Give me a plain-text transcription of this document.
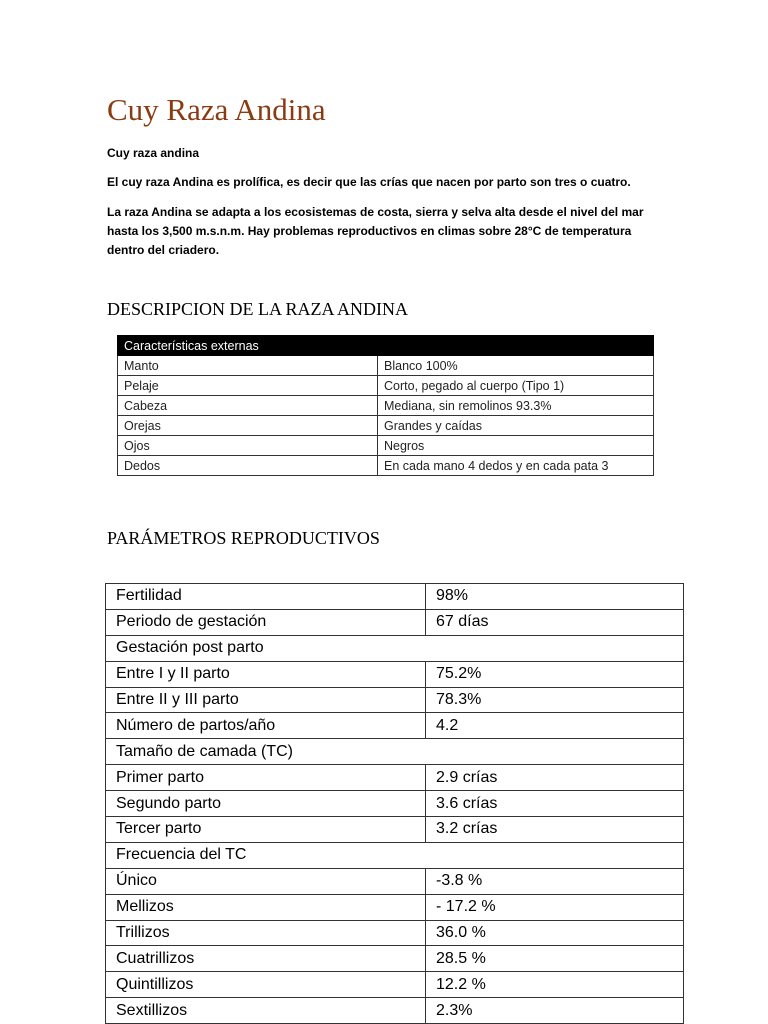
Cuy Raza Andina
Cuy raza andina
El cuy raza Andina es prolífica, es decir que las crías que nacen por parto son tres o cuatro.
La raza Andina se adapta a los ecosistemas de costa, sierra y selva alta desde el nivel del mar hasta los 3,500 m.s.n.m. Hay problemas reproductivos en climas sobre 28°C de temperatura dentro del criadero.
DESCRIPCION DE LA RAZA ANDINA
Características externas	
Manto	Blanco 100%
Pelaje	Corto, pegado al cuerpo (Tipo 1)
Cabeza	Mediana, sin remolinos 93.3%
Orejas	Grandes y caídas
Ojos	Negros
Dedos	En cada mano 4 dedos y en cada pata 3
PARÁMETROS REPRODUCTIVOS
Fertilidad	98%
Periodo de gestación	67 días
Gestación post parto	
Entre I y II parto	75.2%
Entre II y III parto	78.3%
Número de partos/año	4.2
Tamaño de camada (TC)	
Primer parto	2.9 crías
Segundo parto	3.6 crías
Tercer parto	3.2 crías
Frecuencia del TC	
Único	-3.8 %
Mellizos	- 17.2 %
Trillizos	36.0 %
Cuatrillizos	28.5 %
Quintillizos	12.2 %
Sextillizos	2.3%
